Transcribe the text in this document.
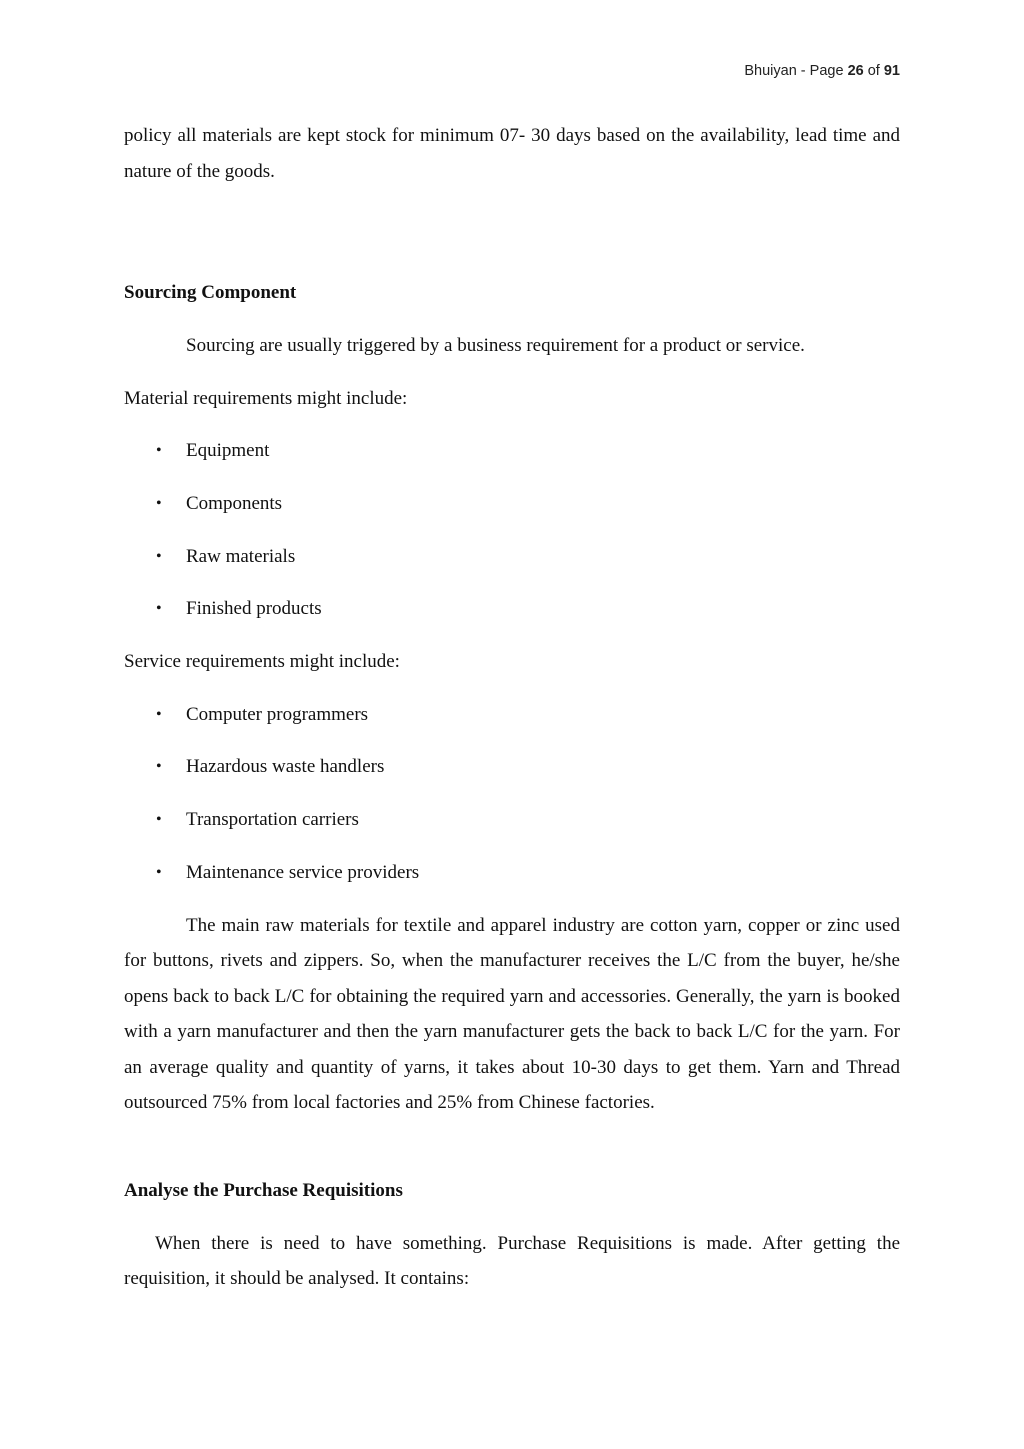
Bhuiyan - Page 26 of 91

policy all materials are kept stock for minimum 07- 30 days based on the availability, lead time and nature of the goods.

Sourcing Component

Sourcing are usually triggered by a business requirement for a product or service.

Material requirements might include:

• Equipment
• Components
• Raw materials
• Finished products

Service requirements might include:

• Computer programmers
• Hazardous waste handlers
• Transportation carriers
• Maintenance service providers

The main raw materials for textile and apparel industry are cotton yarn, copper or zinc used for buttons, rivets and zippers. So, when the manufacturer receives the L/C from the buyer, he/she opens back to back L/C for obtaining the required yarn and accessories. Generally, the yarn is booked with a yarn manufacturer and then the yarn manufacturer gets the back to back L/C for the yarn. For an average quality and quantity of yarns, it takes about 10-30 days to get them. Yarn and Thread outsourced 75% from local factories and 25% from Chinese factories.

Analyse the Purchase Requisitions

When there is need to have something. Purchase Requisitions is made. After getting the requisition, it should be analysed. It contains:
